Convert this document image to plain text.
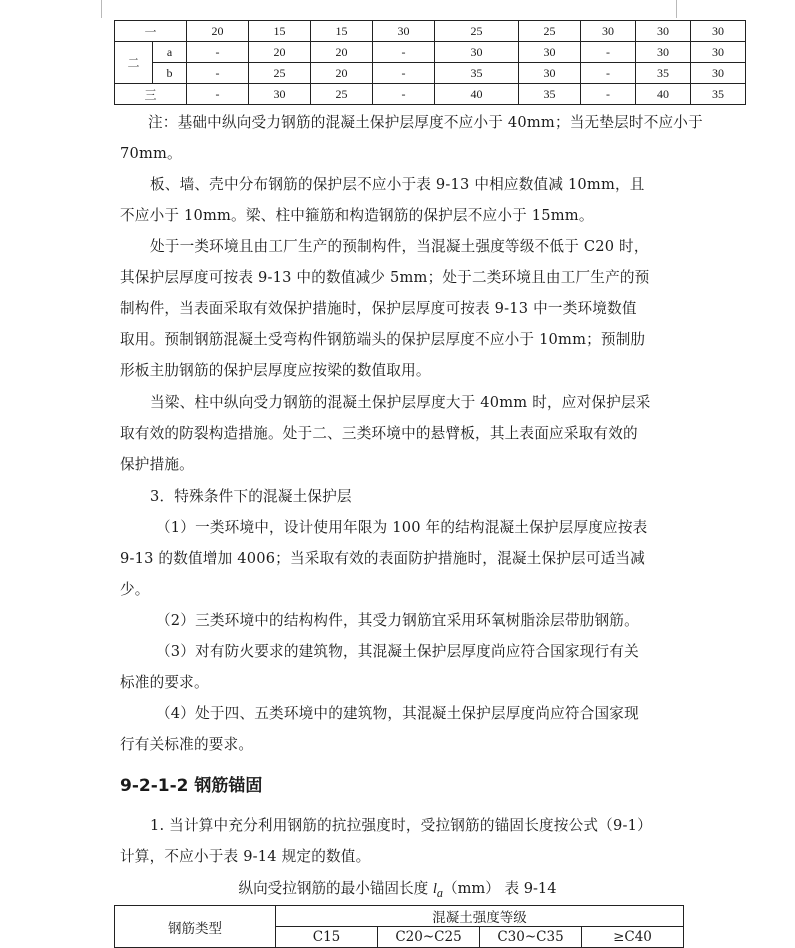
一		20	15	15	30	25	25	30	30	30
二	a	-	20	20	-	30	30	-	30	30
	b	-	25	20	-	35	30	-	35	30
三		-	30	25	-	40	35	-	40	35
注：基础中纵向受力钢筋的混凝土保护层厚度不应小于 40mm；当无垫层时不应小于
70mm。
板、墙、壳中分布钢筋的保护层不应小于表 9-13 中相应数值减 10mm，且
不应小于 10mm。梁、柱中箍筋和构造钢筋的保护层不应小于 15mm。
处于一类环境且由工厂生产的预制构件，当混凝土强度等级不低于 C20 时，
其保护层厚度可按表 9-13 中的数值减少 5mm；处于二类环境且由工厂生产的预
制构件，当表面采取有效保护措施时，保护层厚度可按表 9-13 中一类环境数值
取用。预制钢筋混凝土受弯构件钢筋端头的保护层厚度不应小于 10mm；预制肋
形板主肋钢筋的保护层厚度应按梁的数值取用。
当梁、柱中纵向受力钢筋的混凝土保护层厚度大于 40mm 时，应对保护层采
取有效的防裂构造措施。处于二、三类环境中的悬臂板，其上表面应采取有效的
保护措施。
3．特殊条件下的混凝土保护层
（1）一类环境中，设计使用年限为 100 年的结构混凝土保护层厚度应按表
9-13 的数值增加 4006；当采取有效的表面防护措施时，混凝土保护层可适当减
少。
（2）三类环境中的结构构件，其受力钢筋宜采用环氧树脂涂层带肋钢筋。
（3）对有防火要求的建筑物，其混凝土保护层厚度尚应符合国家现行有关
标准的要求。
（4）处于四、五类环境中的建筑物，其混凝土保护层厚度尚应符合国家现
行有关标准的要求。
9-2-1-2 钢筋锚固
1. 当计算中充分利用钢筋的抗拉强度时，受拉钢筋的锚固长度按公式（9-1）
计算，不应小于表 9-14 规定的数值。
纵向受拉钢筋的最小锚固长度 $l_a(mm)$ 表 9-14
钢筋类型	混凝土强度等级			
	C15	C20~C25	C30~C35	≥C40
